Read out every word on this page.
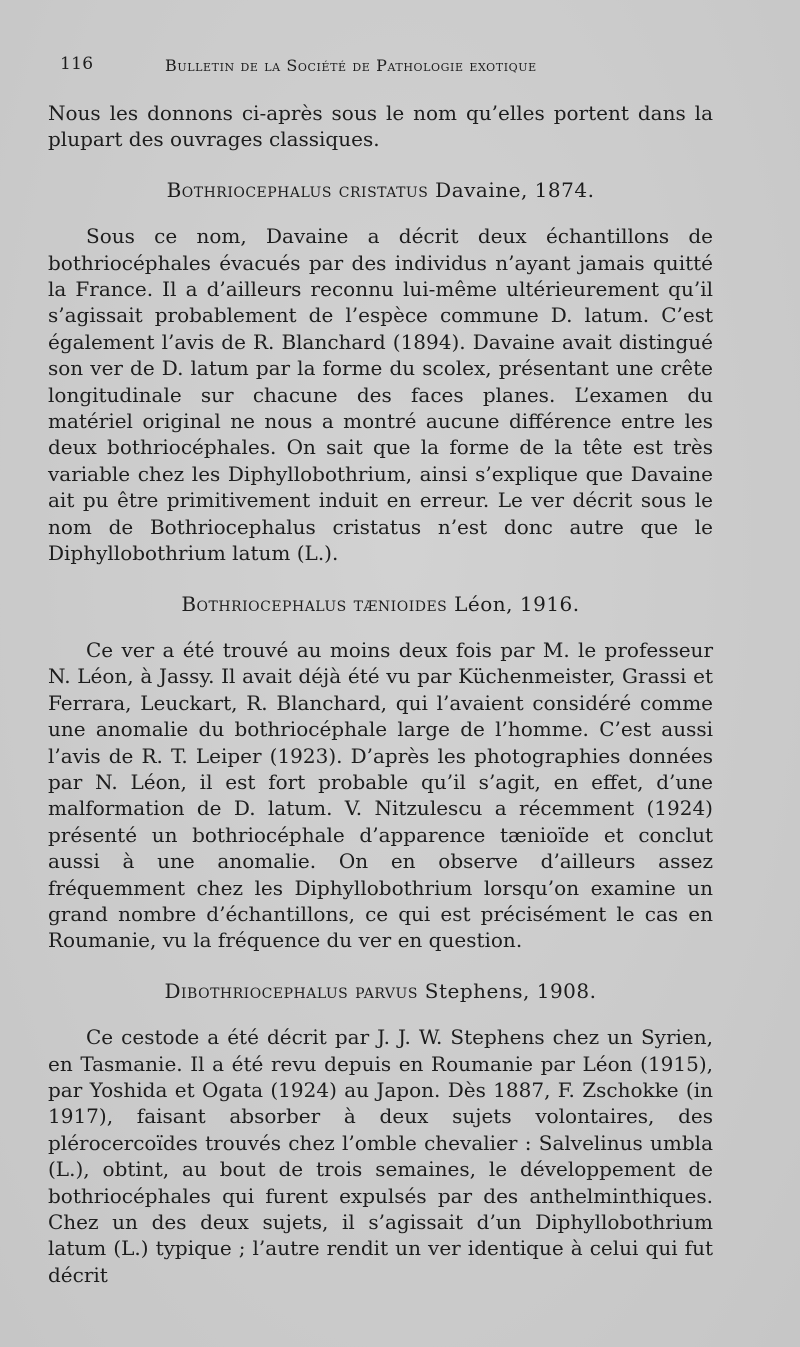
116	Bulletin de la Société de Pathologie exotique

Nous les donnons ci-après sous le nom qu’elles portent dans la plupart des ouvrages classiques.

Bothriocephalus cristatus Davaine, 1874.

Sous ce nom, Davaine a décrit deux échantillons de bothriocéphales évacués par des individus n’ayant jamais quitté la France. Il a d’ailleurs reconnu lui-même ultérieurement qu’il s’agissait probablement de l’espèce commune D. latum. C’est également l’avis de R. Blanchard (1894). Davaine avait distingué son ver de D. latum par la forme du scolex, présentant une crête longitudinale sur chacune des faces planes. L’examen du matériel original ne nous a montré aucune différence entre les deux bothriocéphales. On sait que la forme de la tête est très variable chez les Diphyllobothrium, ainsi s’explique que Davaine ait pu être primitivement induit en erreur. Le ver décrit sous le nom de Bothriocephalus cristatus n’est donc autre que le Diphyllobothrium latum (L.).

Bothriocephalus tænioides Léon, 1916.

Ce ver a été trouvé au moins deux fois par M. le professeur N. Léon, à Jassy. Il avait déjà été vu par Küchenmeister, Grassi et Ferrara, Leuckart, R. Blanchard, qui l’avaient considéré comme une anomalie du bothriocéphale large de l’homme. C’est aussi l’avis de R. T. Leiper (1923). D’après les photographies données par N. Léon, il est fort probable qu’il s’agit, en effet, d’une malformation de D. latum. V. Nitzulescu a récemment (1924) présenté un bothriocéphale d’apparence tænioïde et conclut aussi à une anomalie. On en observe d’ailleurs assez fréquemment chez les Diphyllobothrium lorsqu’on examine un grand nombre d’échantillons, ce qui est précisément le cas en Roumanie, vu la fréquence du ver en question.

Dibothriocephalus parvus Stephens, 1908.

Ce cestode a été décrit par J. J. W. Stephens chez un Syrien, en Tasmanie. Il a été revu depuis en Roumanie par Léon (1915), par Yoshida et Ogata (1924) au Japon. Dès 1887, F. Zschokke (in 1917), faisant absorber à deux sujets volontaires, des plérocercoïdes trouvés chez l’omble chevalier : Salvelinus umbla (L.), obtint, au bout de trois semaines, le développement de bothriocéphales qui furent expulsés par des anthelminthiques. Chez un des deux sujets, il s’agissait d’un Diphyllobothrium latum (L.) typique ; l’autre rendit un ver identique à celui qui fut décrit
